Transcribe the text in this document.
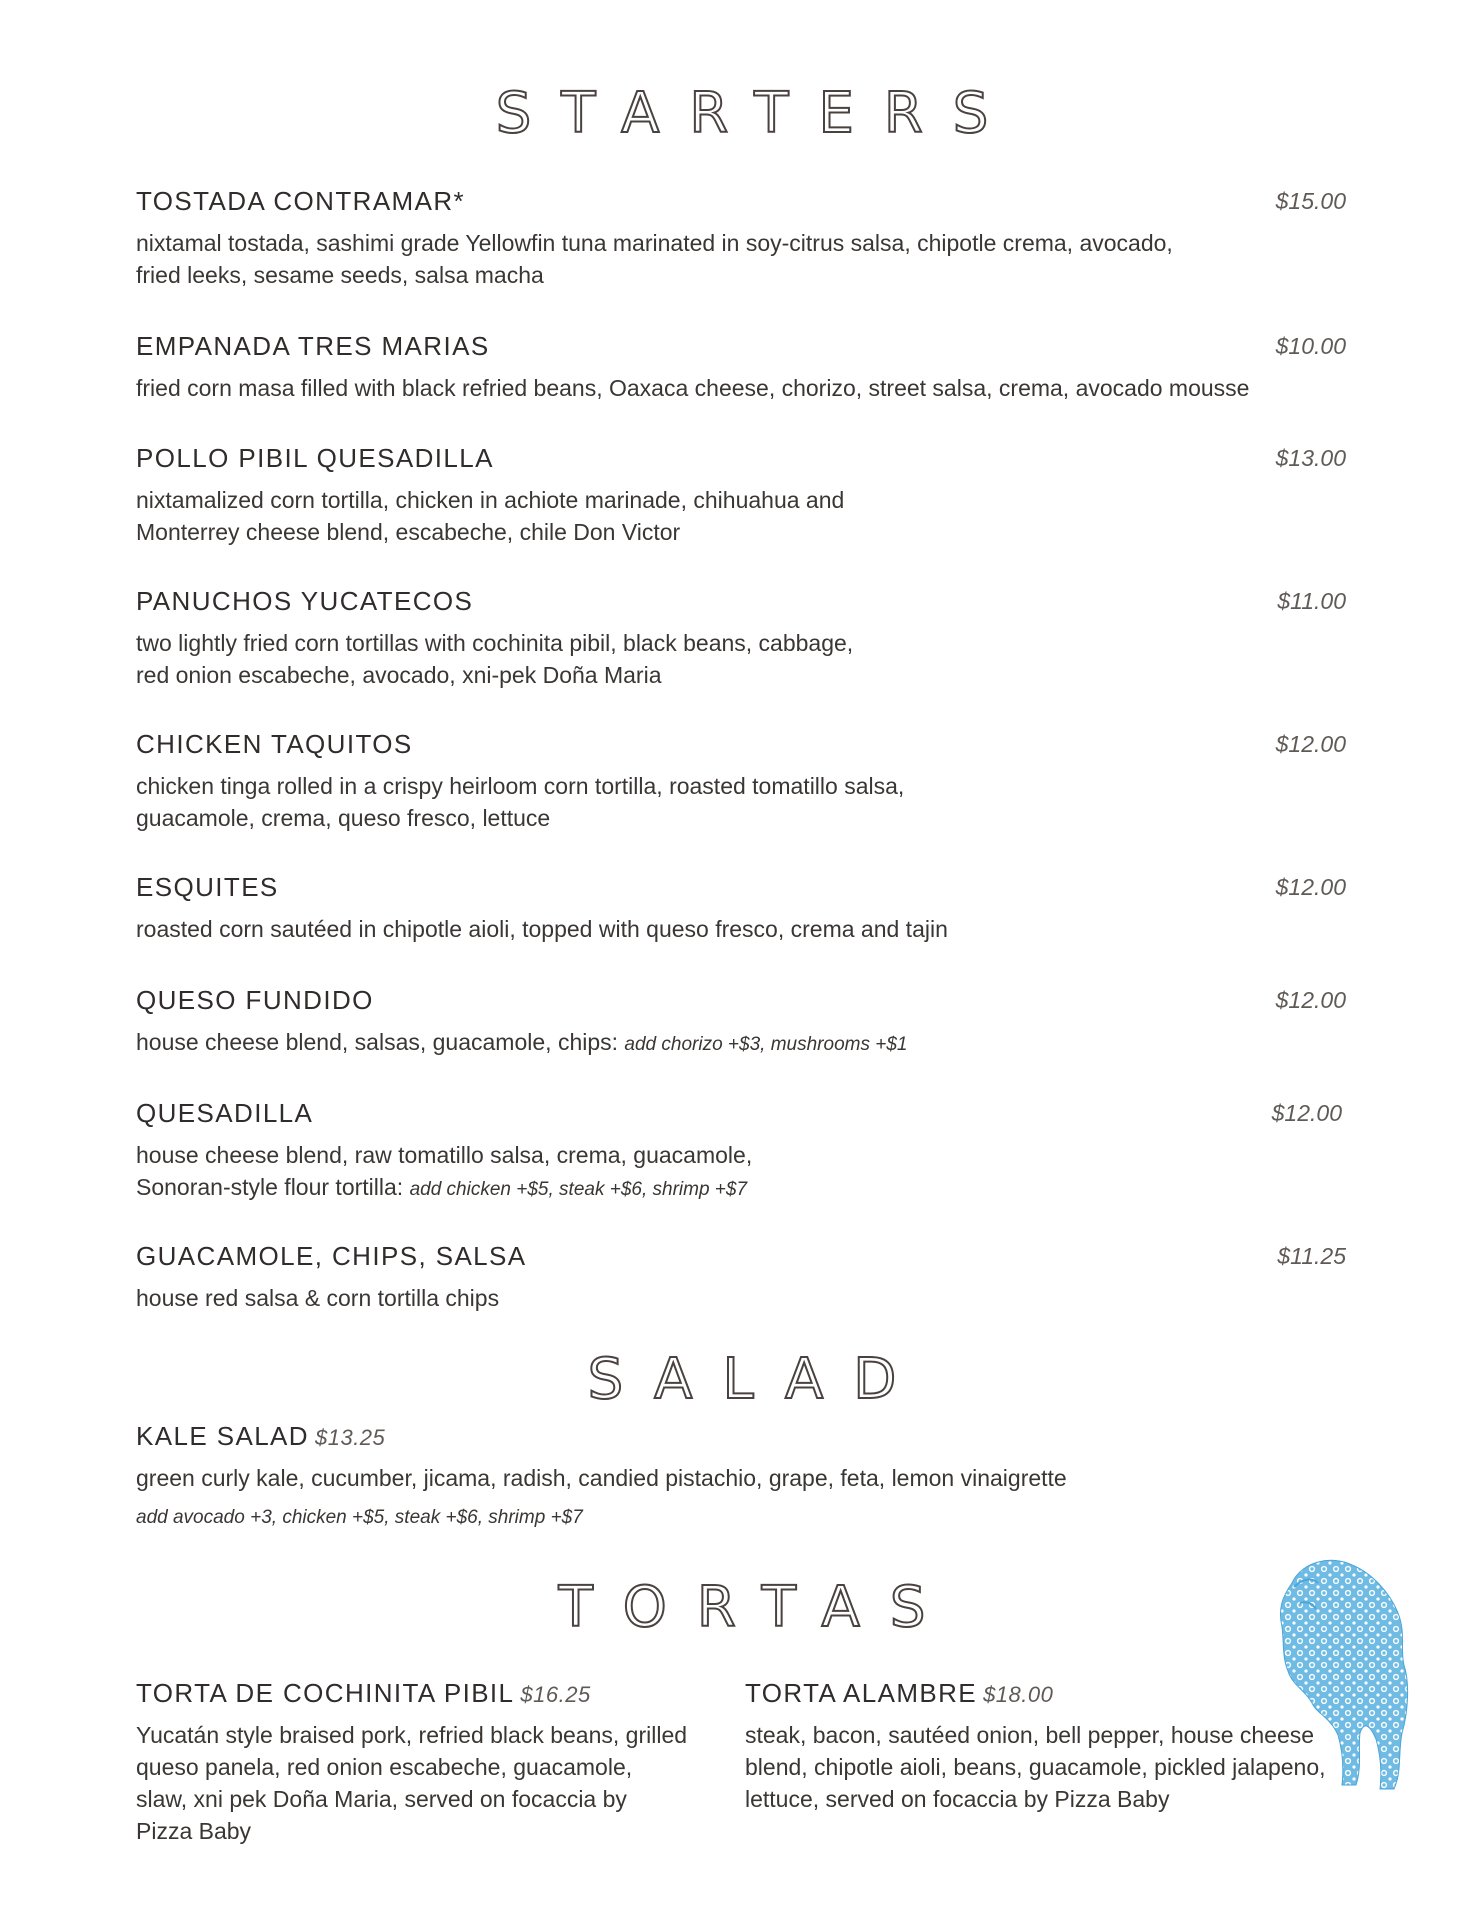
STARTERS
TOSTADA CONTRAMAR*	$15.00
nixtamal tostada, sashimi grade Yellowfin tuna marinated in soy-citrus salsa, chipotle crema, avocado,
fried leeks, sesame seeds, salsa macha
EMPANADA TRES MARIAS	$10.00
fried corn masa filled with black refried beans, Oaxaca cheese, chorizo, street salsa, crema, avocado mousse
POLLO PIBIL QUESADILLA	$13.00
nixtamalized corn tortilla, chicken in achiote marinade, chihuahua and
Monterrey cheese blend, escabeche, chile Don Victor
PANUCHOS YUCATECOS	$11.00
two lightly fried corn tortillas with cochinita pibil, black beans, cabbage,
red onion escabeche, avocado, xni-pek Doña Maria
CHICKEN TAQUITOS	$12.00
chicken tinga rolled in a crispy heirloom corn tortilla, roasted tomatillo salsa,
guacamole, crema, queso fresco, lettuce
ESQUITES	$12.00
roasted corn sautéed in chipotle aioli, topped with queso fresco, crema and tajin
QUESO FUNDIDO	$12.00
house cheese blend, salsas, guacamole, chips: add chorizo +$3, mushrooms +$1
QUESADILLA	$12.00
house cheese blend, raw tomatillo salsa, crema, guacamole,
Sonoran-style flour tortilla: add chicken +$5, steak +$6, shrimp +$7
GUACAMOLE, CHIPS, SALSA	$11.25
house red salsa & corn tortilla chips
SALAD
KALE SALAD $13.25
green curly kale, cucumber, jicama, radish, candied pistachio, grape, feta, lemon vinaigrette
add avocado +3, chicken +$5, steak +$6, shrimp +$7
TORTAS
TORTA DE COCHINITA PIBIL $16.25
Yucatán style braised pork, refried black beans, grilled
queso panela, red onion escabeche, guacamole,
slaw, xni pek Doña Maria, served on focaccia by
Pizza Baby
TORTA ALAMBRE $18.00
steak, bacon, sautéed onion, bell pepper, house cheese
blend, chipotle aioli, beans, guacamole, pickled jalapeno,
lettuce, served on focaccia by Pizza Baby
